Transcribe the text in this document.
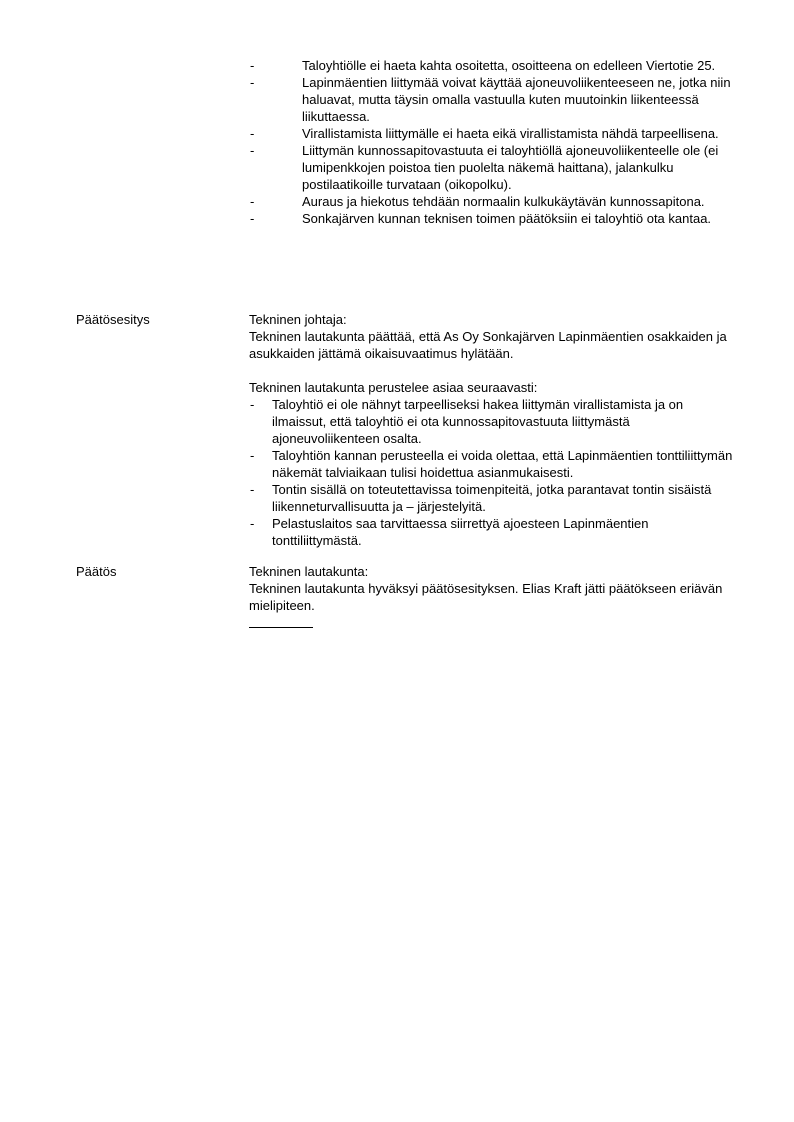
-	Taloyhtiölle ei haeta kahta osoitetta, osoitteena on edelleen Viertotie 25.
-	Lapinmäentien liittymää voivat käyttää ajoneuvoliikenteeseen ne, jotka niin haluavat, mutta täysin omalla vastuulla kuten muutoinkin liikenteessä liikuttaessa.
-	Virallistamista liittymälle ei haeta eikä virallistamista nähdä tarpeellisena.
-	Liittymän kunnossapitovastuuta ei taloyhtiöllä ajoneuvoliikenteelle ole (ei lumipenkkojen poistoa tien puolelta näkemä haittana), jalankulku postilaatikoille turvataan (oikopolku).
-	Auraus ja hiekotus tehdään normaalin kulkukäytävän kunnossapitona.
-	Sonkajärven kunnan teknisen toimen päätöksiin ei taloyhtiö ota kantaa.
Päätösesitys	Tekninen johtaja:

Tekninen lautakunta päättää, että As Oy Sonkajärven Lapinmäentien osakkaiden ja asukkaiden jättämä oikaisuvaatimus hylätään.

Tekninen lautakunta perustelee asiaa seuraavasti:

- Taloyhtiö ei ole nähnyt tarpeelliseksi hakea liittymän virallistamista ja on ilmaissut, että taloyhtiö ei ota kunnossapitovastuuta liittymästä ajoneuvoliikenteen osalta.
- Taloyhtiön kannan perusteella ei voida olettaa, että Lapinmäentien tonttiliittymän näkemät talviaikaan tulisi hoidettua asianmukaisesti.
- Tontin sisällä on toteutettavissa toimenpiteitä, jotka parantavat tontin sisäistä liikenneturvallisuutta ja – järjestelyitä.
- Pelastuslaitos saa tarvittaessa siirrettyä ajoesteen Lapinmäentien tonttiliittymästä.
Päätös	Tekninen lautakunta:

Tekninen lautakunta hyväksyi päätösesityksen. Elias Kraft jätti päätökseen eriävän mielipiteen.
